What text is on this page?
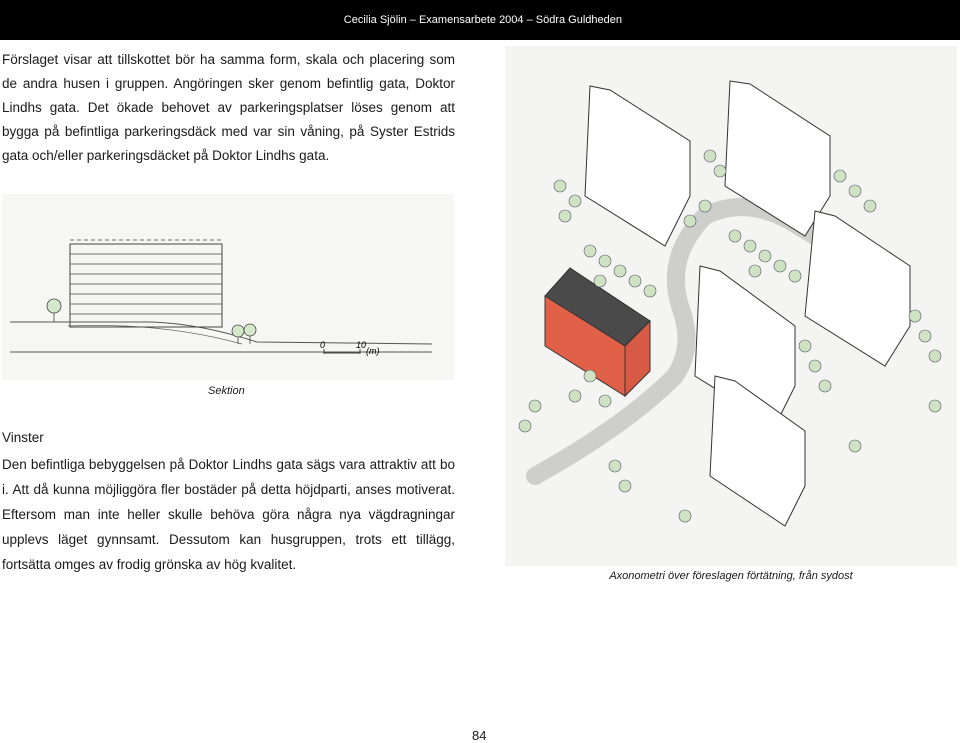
Cecilia Sjölin – Examensarbete 2004 – Södra Guldheden
Förslaget visar att tillskottet bör ha samma form, skala och placering som de andra husen i gruppen. Angöringen sker genom befintlig gata, Doktor Lindhs gata. Det ökade behovet av parkeringsplatser löses genom att bygga på befintliga parkeringsdäck med var sin våning, på Syster Estrids gata och/eller parkeringsdäcket på Doktor Lindhs gata.
0	10
(m)
Sektion
Vinster
Den befintliga bebyggelsen på Doktor Lindhs gata sägs vara attraktiv att bo i. Att då kunna möjliggöra fler bostäder på detta höjdparti, anses motiverat. Eftersom man inte heller skulle behöva göra några nya vägdragningar upplevs läget gynnsamt. Dessutom kan husgruppen, trots ett tillägg, fortsätta omges av frodig grönska av hög kvalitet.
Axonometri över föreslagen förtätning, från sydost
84
